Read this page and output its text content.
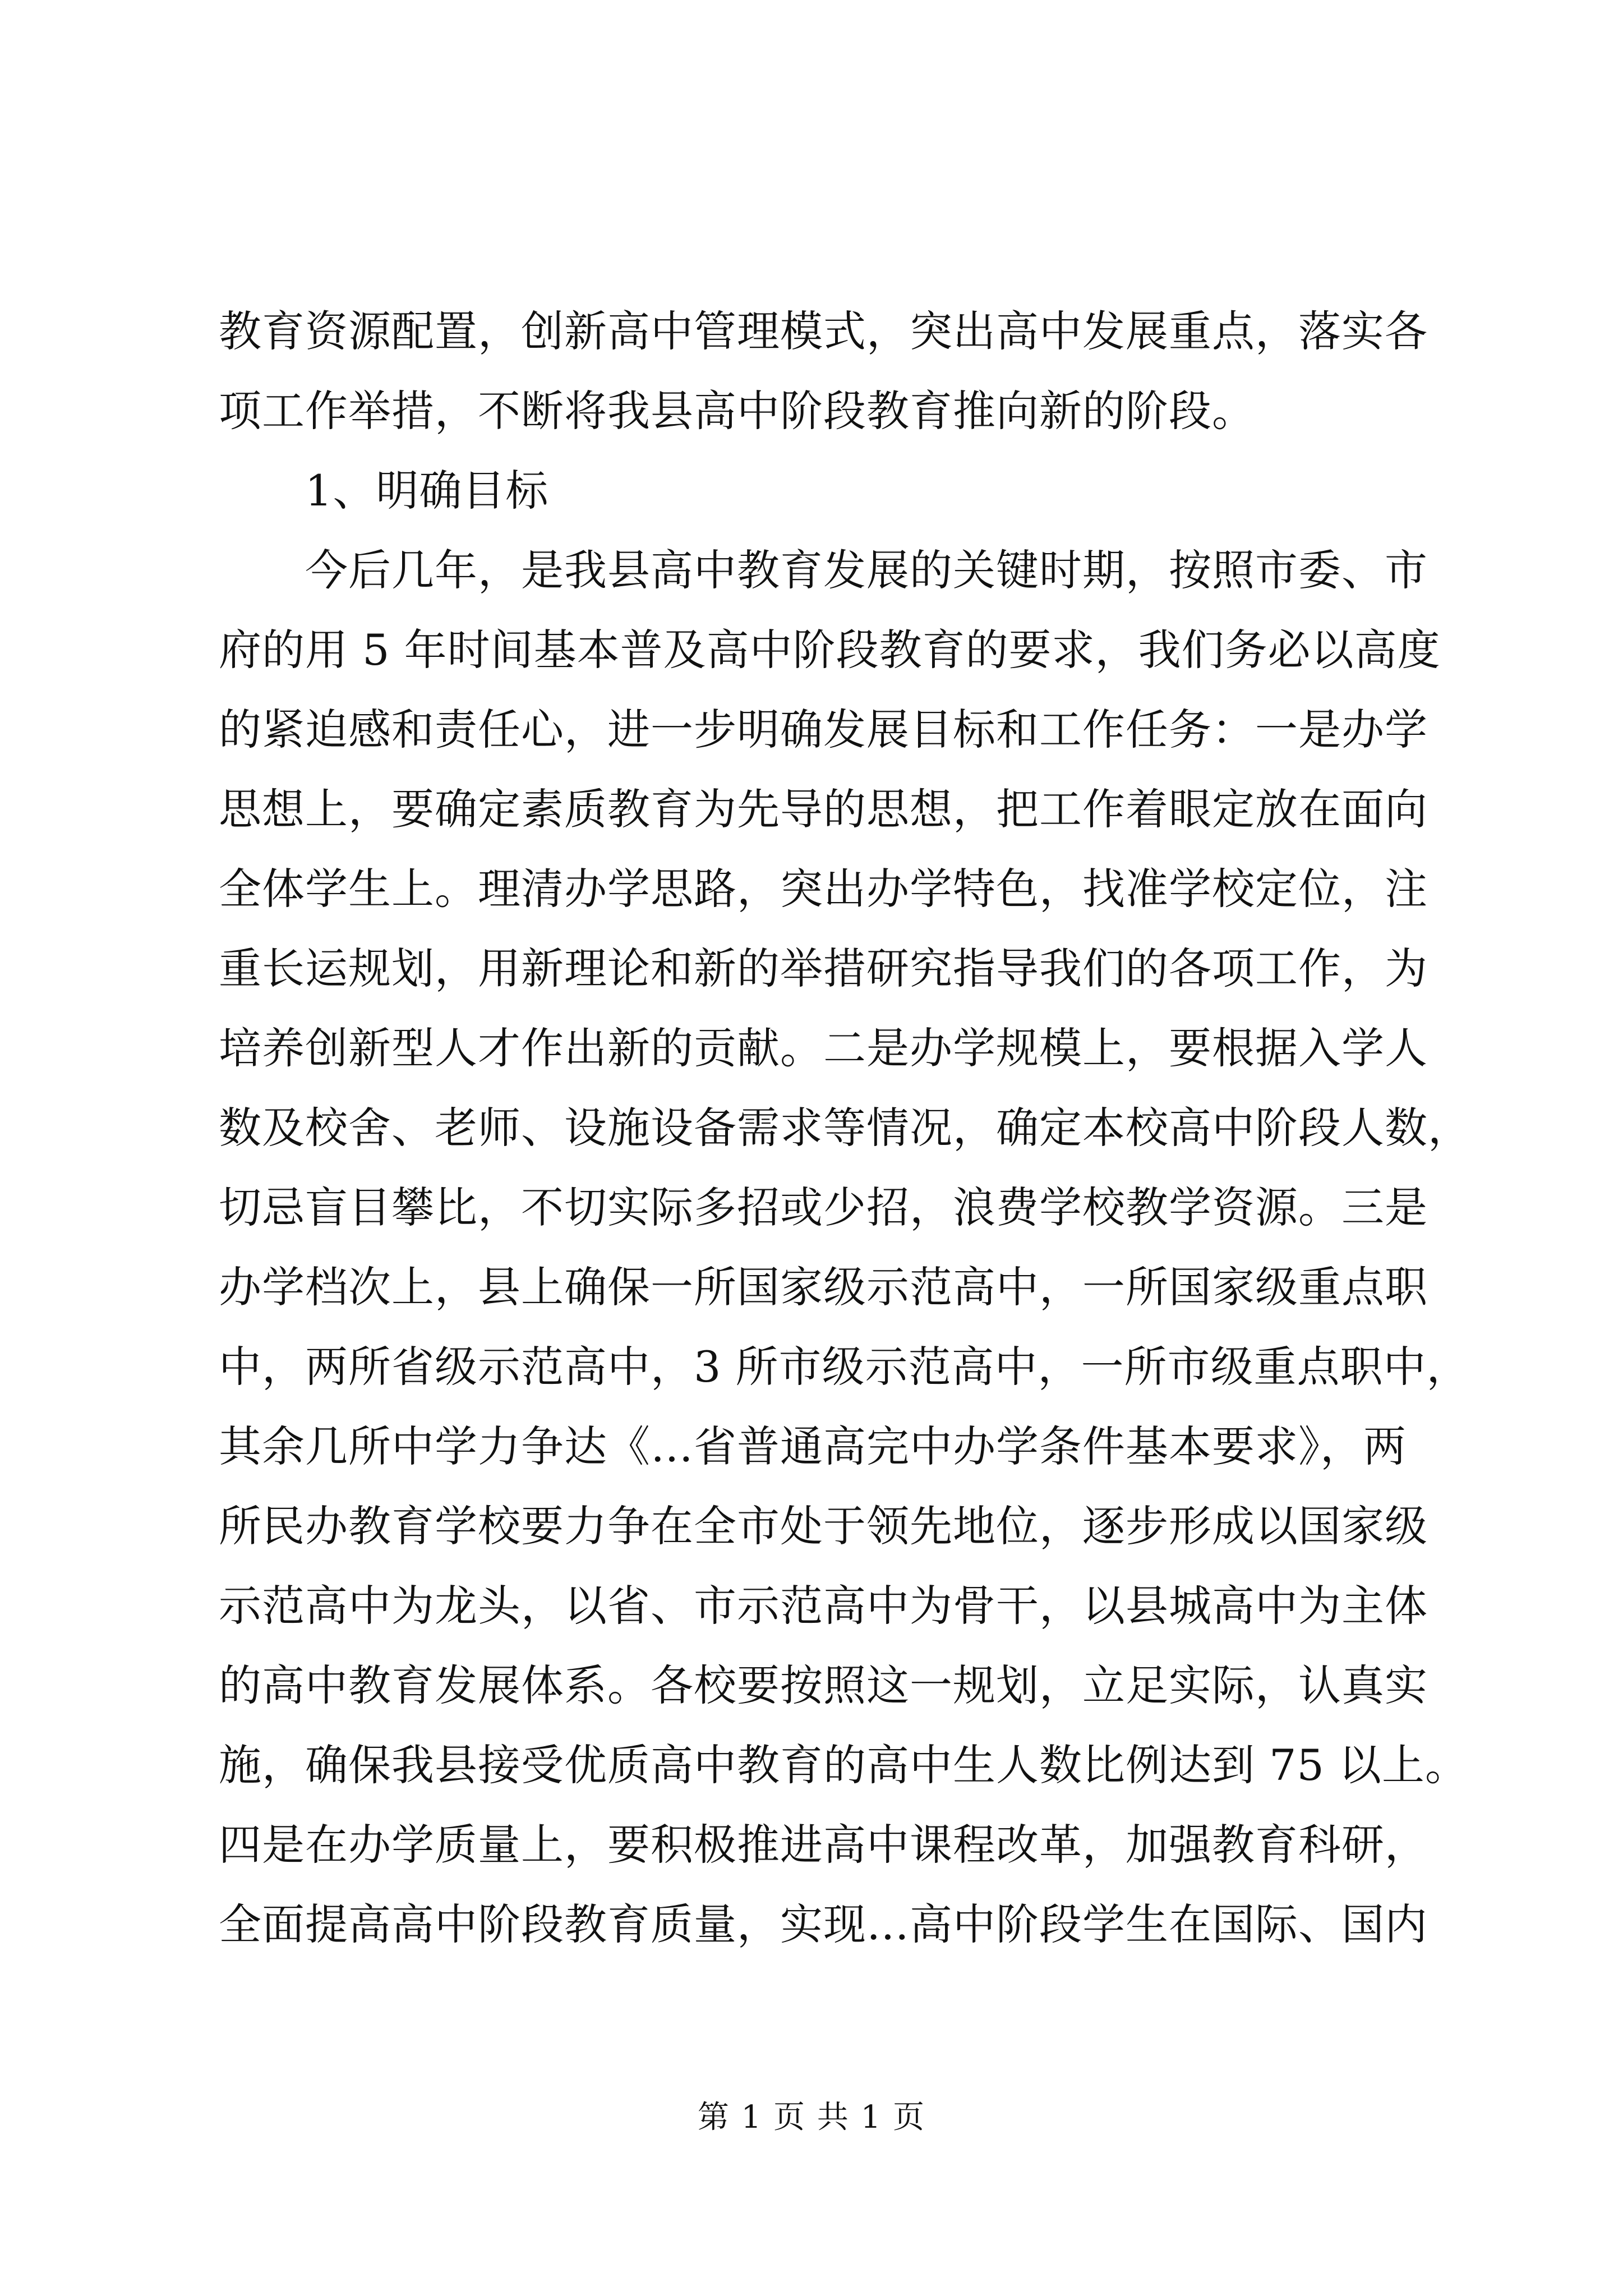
教育资源配置，创新高中管理模式，突出高中发展重点，落实各
项工作举措，不断将我县高中阶段教育推向新的阶段。
1、明确目标
今后几年，是我县高中教育发展的关键时期，按照市委、市
府的用 5 年时间基本普及高中阶段教育的要求，我们务必以高度
的紧迫感和责任心，进一步明确发展目标和工作任务：一是办学
思想上，要确定素质教育为先导的思想，把工作着眼定放在面向
全体学生上。理清办学思路，突出办学特色，找准学校定位，注
重长运规划，用新理论和新的举措研究指导我们的各项工作，为
培养创新型人才作出新的贡献。二是办学规模上，要根据入学人
数及校舍、老师、设施设备需求等情况，确定本校高中阶段人数，
切忌盲目攀比，不切实际多招或少招，浪费学校教学资源。三是
办学档次上，县上确保一所国家级示范高中，一所国家级重点职
中，两所省级示范高中，3 所市级示范高中，一所市级重点职中，
其余几所中学力争达《…省普通高完中办学条件基本要求》，两
所民办教育学校要力争在全市处于领先地位，逐步形成以国家级
示范高中为龙头，以省、市示范高中为骨干，以县城高中为主体
的高中教育发展体系。各校要按照这一规划，立足实际，认真实
施，确保我县接受优质高中教育的高中生人数比例达到 75 以上。
四是在办学质量上，要积极推进高中课程改革，加强教育科研，
全面提高高中阶段教育质量，实现…高中阶段学生在国际、国内
第 1 页 共 1 页
